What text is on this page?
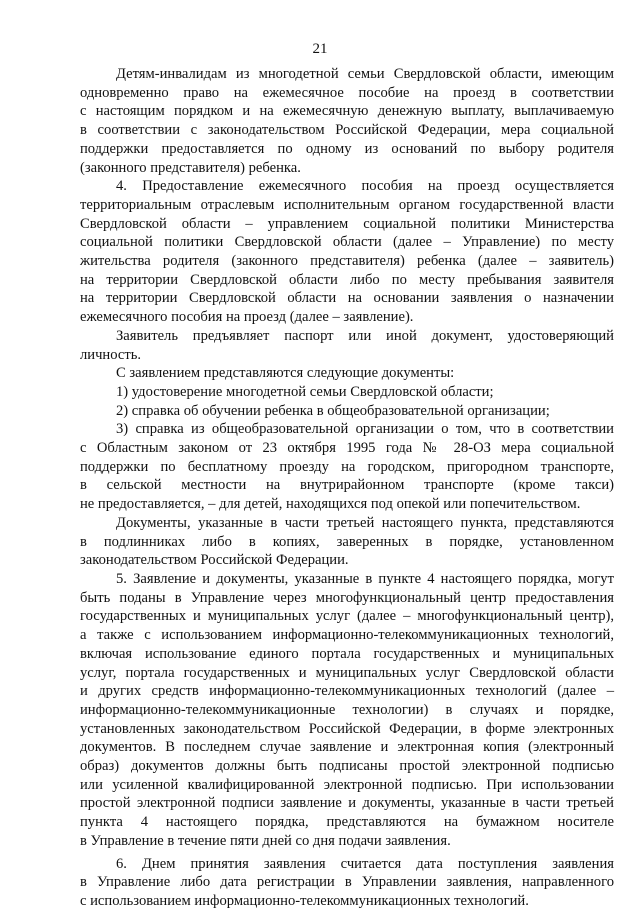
21
Детям-инвалидам из многодетной семьи Свердловской области, имеющим
одновременно право на ежемесячное пособие на проезд в соответствии
с настоящим порядком и на ежемесячную денежную выплату, выплачиваемую
в соответствии с законодательством Российской Федерации, мера социальной
поддержки предоставляется по одному из оснований по выбору родителя
(законного представителя) ребенка.
4. Предоставление ежемесячного пособия на проезд осуществляется
территориальным отраслевым исполнительным органом государственной власти
Свердловской области – управлением социальной политики Министерства
социальной политики Свердловской области (далее – Управление) по месту
жительства родителя (законного представителя) ребенка (далее – заявитель)
на территории Свердловской области либо по месту пребывания заявителя
на территории Свердловской области на основании заявления о назначении
ежемесячного пособия на проезд (далее – заявление).
Заявитель предъявляет паспорт или иной документ, удостоверяющий
личность.
С заявлением представляются следующие документы:
1) удостоверение многодетной семьи Свердловской области;
2) справка об обучении ребенка в общеобразовательной организации;
3) справка из общеобразовательной организации о том, что в соответствии
с Областным законом от 23 октября 1995 года № 28-ОЗ мера социальной
поддержки по бесплатному проезду на городском, пригородном транспорте,
в сельской местности на внутрирайонном транспорте (кроме такси)
не предоставляется, – для детей, находящихся под опекой или попечительством.
Документы, указанные в части третьей настоящего пункта, представляются
в подлинниках либо в копиях, заверенных в порядке, установленном
законодательством Российской Федерации.
5. Заявление и документы, указанные в пункте 4 настоящего порядка, могут
быть поданы в Управление через многофункциональный центр предоставления
государственных и муниципальных услуг (далее – многофункциональный центр),
а также с использованием информационно-телекоммуникационных технологий,
включая использование единого портала государственных и муниципальных
услуг, портала государственных и муниципальных услуг Свердловской области
и других средств информационно-телекоммуникационных технологий (далее –
информационно-телекоммуникационные технологии) в случаях и порядке,
установленных законодательством Российской Федерации, в форме электронных
документов. В последнем случае заявление и электронная копия (электронный
образ) документов должны быть подписаны простой электронной подписью
или усиленной квалифицированной электронной подписью. При использовании
простой электронной подписи заявление и документы, указанные в части третьей
пункта 4 настоящего порядка, представляются на бумажном носителе
в Управление в течение пяти дней со дня подачи заявления.
6. Днем принятия заявления считается дата поступления заявления
в Управление либо дата регистрации в Управлении заявления, направленного
с использованием информационно-телекоммуникационных технологий.
